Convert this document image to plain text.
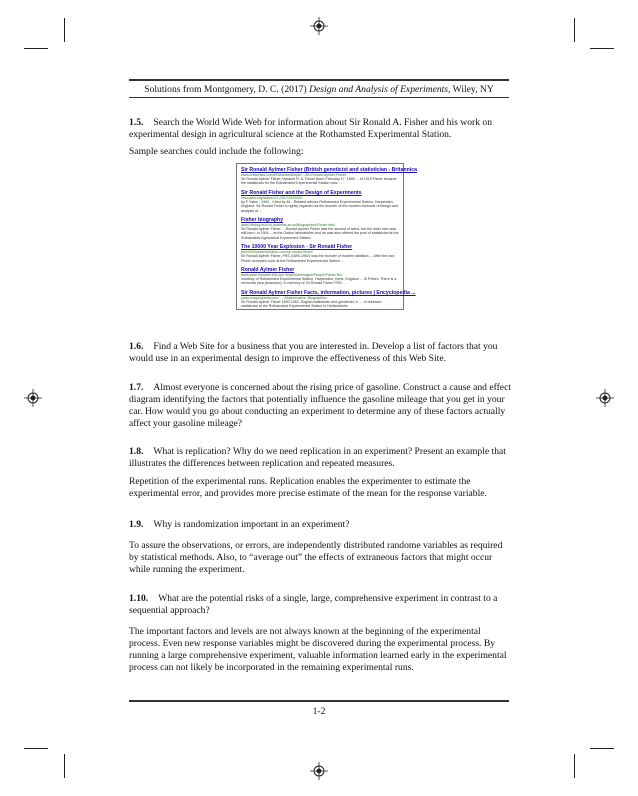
Solutions from Montgomery, D. C. (2017) Design and Analysis of Experiments, Wiley, NY

1.5. Search the World Wide Web for information about Sir Ronald A. Fisher and his work on experimental design in agricultural science at the Rothamsted Experimental Station.

Sample searches could include the following:

Sir Ronald Aylmer Fisher (British geneticist and statistician - Britannica
www.britannica.com/EBchecked/topic/.../Sir-Ronald-Aylmer-Fisher
Sir Ronald Aylmer Fisher, byname R. A. Fisher (born February 17, 1890 ... In 1919 Fisher became the statistician for the Rothamsted Experimental Station near ...
Sir Ronald Fisher and the Design of Experiments
www.jstor.org/stable/10.2307/2529209
by F Yates - 1964 - Cited by 48 - Related articles Rothamsted Experimental Station, Harpenden, England. Sir Ronald Fisher is rightly regarded as the founder of the modern methods of design and analysis of ...
Fisher biography
www-history.mcs.st-andrews.ac.uk/Biographies/Fisher.html
Sir Ronald Aylmer Fisher ... Ronald Aylmer Fisher was the second of twins, but the older twin was still-born. In 1904 ... at the Galton laboratories and he was also offered the post of statistician at the Rothamsted Agricultural Experiment Station.
The 10000 Year Explosion - Sir Ronald Fisher
the10000yearexplosion.com/sir-ronald-fisher/
Sir Ronald Aylmer Fisher, FRS (1890-1962) was the founder of modern statistics ... After the war, Fisher accepted a job at the Rothamsted Experimental Station ...
Ronald Aylmer Fisher
www.csse.monash.edu.au/~lloyd/tildeImages/People/Fisher.RA/
courtesy of Rothamsted Experimental Station, Harpenden, Herts, England ... St Peters. There is a memorial plea (boscoted). In memory of Sir Ronald Fisher FRS ...
Sir Ronald Aylmer Fisher Facts, information, pictures | Encyclopedia ...
www.encyclopedia.com/ ... /Mathematics: Biographies
Sir Ronald Aylmer Fisher 1890-1962, English statistician and geneticist, b. ... of research statistician at the Rothamsted Experimental Station in Hertfordshire

1.6. Find a Web Site for a business that you are interested in. Develop a list of factors that you would use in an experimental design to improve the effectiveness of this Web Site.

1.7. Almost everyone is concerned about the rising price of gasoline. Construct a cause and effect diagram identifying the factors that potentially influence the gasoline mileage that you get in your car. How would you go about conducting an experiment to determine any of these factors actually affect your gasoline mileage?

1.8. What is replication? Why do we need replication in an experiment? Present an example that illustrates the differences between replication and repeated measures.

Repetition of the experimental runs. Replication enables the experimenter to estimate the experimental error, and provides more precise estimate of the mean for the response variable.

1.9. Why is randomization important in an experiment?

To assure the observations, or errors, are independently distributed randome variables as required by statistical methods. Also, to “average out” the effects of extraneous factors that might occur while running the experiment.

1.10. What are the potential risks of a single, large, comprehensive experiment in contrast to a sequential approach?

The important factors and levels are not always known at the beginning of the experimental process. Even new response variables might be discovered during the experimental process. By running a large comprehensive experiment, valuable information learned early in the experimental process can not likely be incorporated in the remaining experimental runs.

1-2
